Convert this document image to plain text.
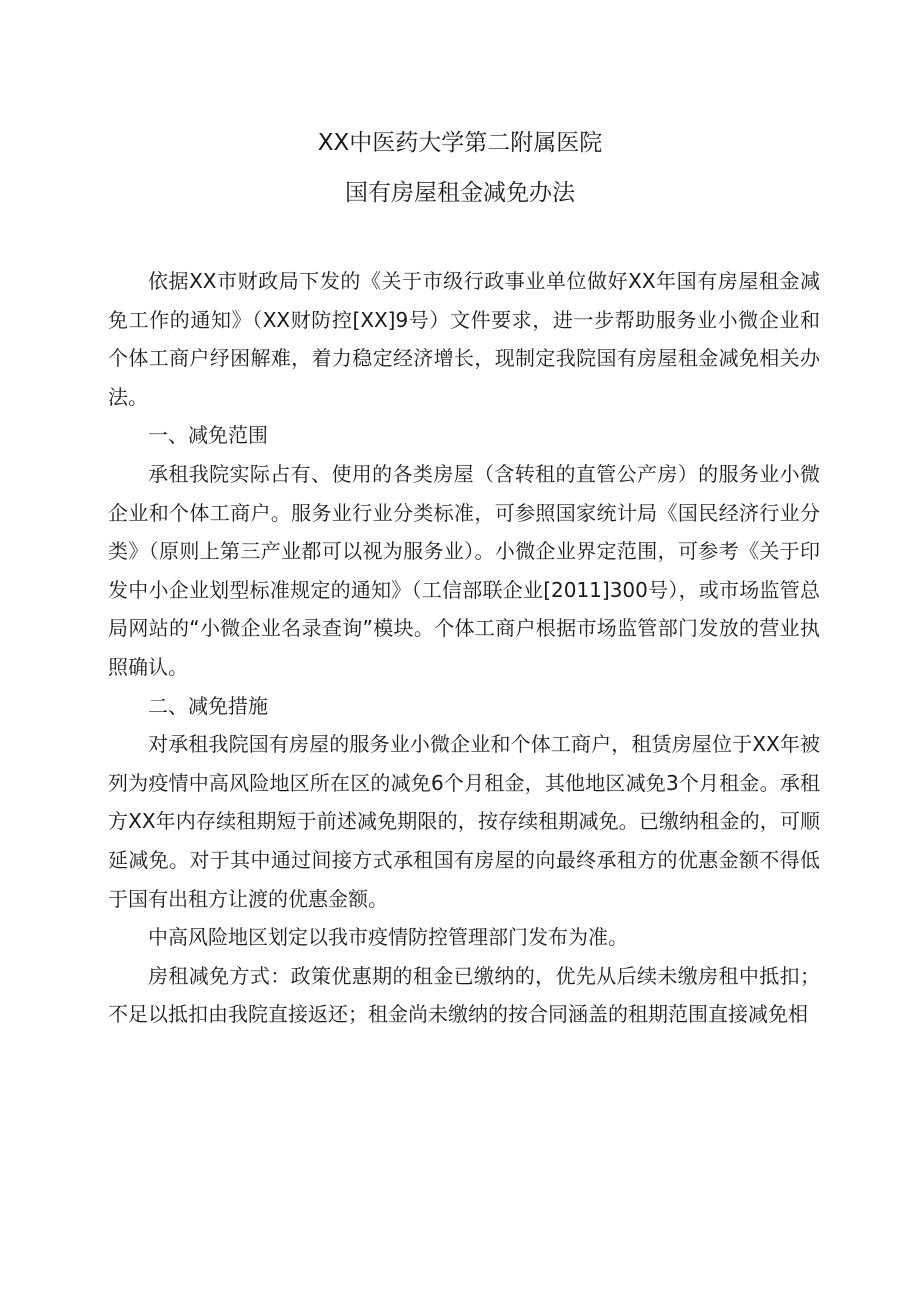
XX中医药大学第二附属医院
国有房屋租金减免办法

依据XX市财政局下发的《关于市级行政事业单位做好XX年国有房屋租金减免工作的通知》（XX财防控[XX]9号）文件要求，进一步帮助服务业小微企业和个体工商户纾困解难，着力稳定经济增长，现制定我院国有房屋租金减免相关办法。

一、减免范围

承租我院实际占有、使用的各类房屋（含转租的直管公产房）的服务业小微企业和个体工商户。服务业行业分类标准，可参照国家统计局《国民经济行业分类》（原则上第三产业都可以视为服务业）。小微企业界定范围，可参考《关于印发中小企业划型标准规定的通知》（工信部联企业[2011]300号），或市场监管总局网站的“小微企业名录查询”模块。个体工商户根据市场监管部门发放的营业执照确认。

二、减免措施

对承租我院国有房屋的服务业小微企业和个体工商户，租赁房屋位于XX年被列为疫情中高风险地区所在区的减免6个月租金，其他地区减免3个月租金。承租方XX年内存续租期短于前述减免期限的，按存续租期减免。已缴纳租金的，可顺延减免。对于其中通过间接方式承租国有房屋的向最终承租方的优惠金额不得低于国有出租方让渡的优惠金额。

中高风险地区划定以我市疫情防控管理部门发布为准。

房租减免方式：政策优惠期的租金已缴纳的，优先从后续未缴房租中抵扣；不足以抵扣由我院直接返还；租金尚未缴纳的按合同涵盖的租期范围直接减免相
